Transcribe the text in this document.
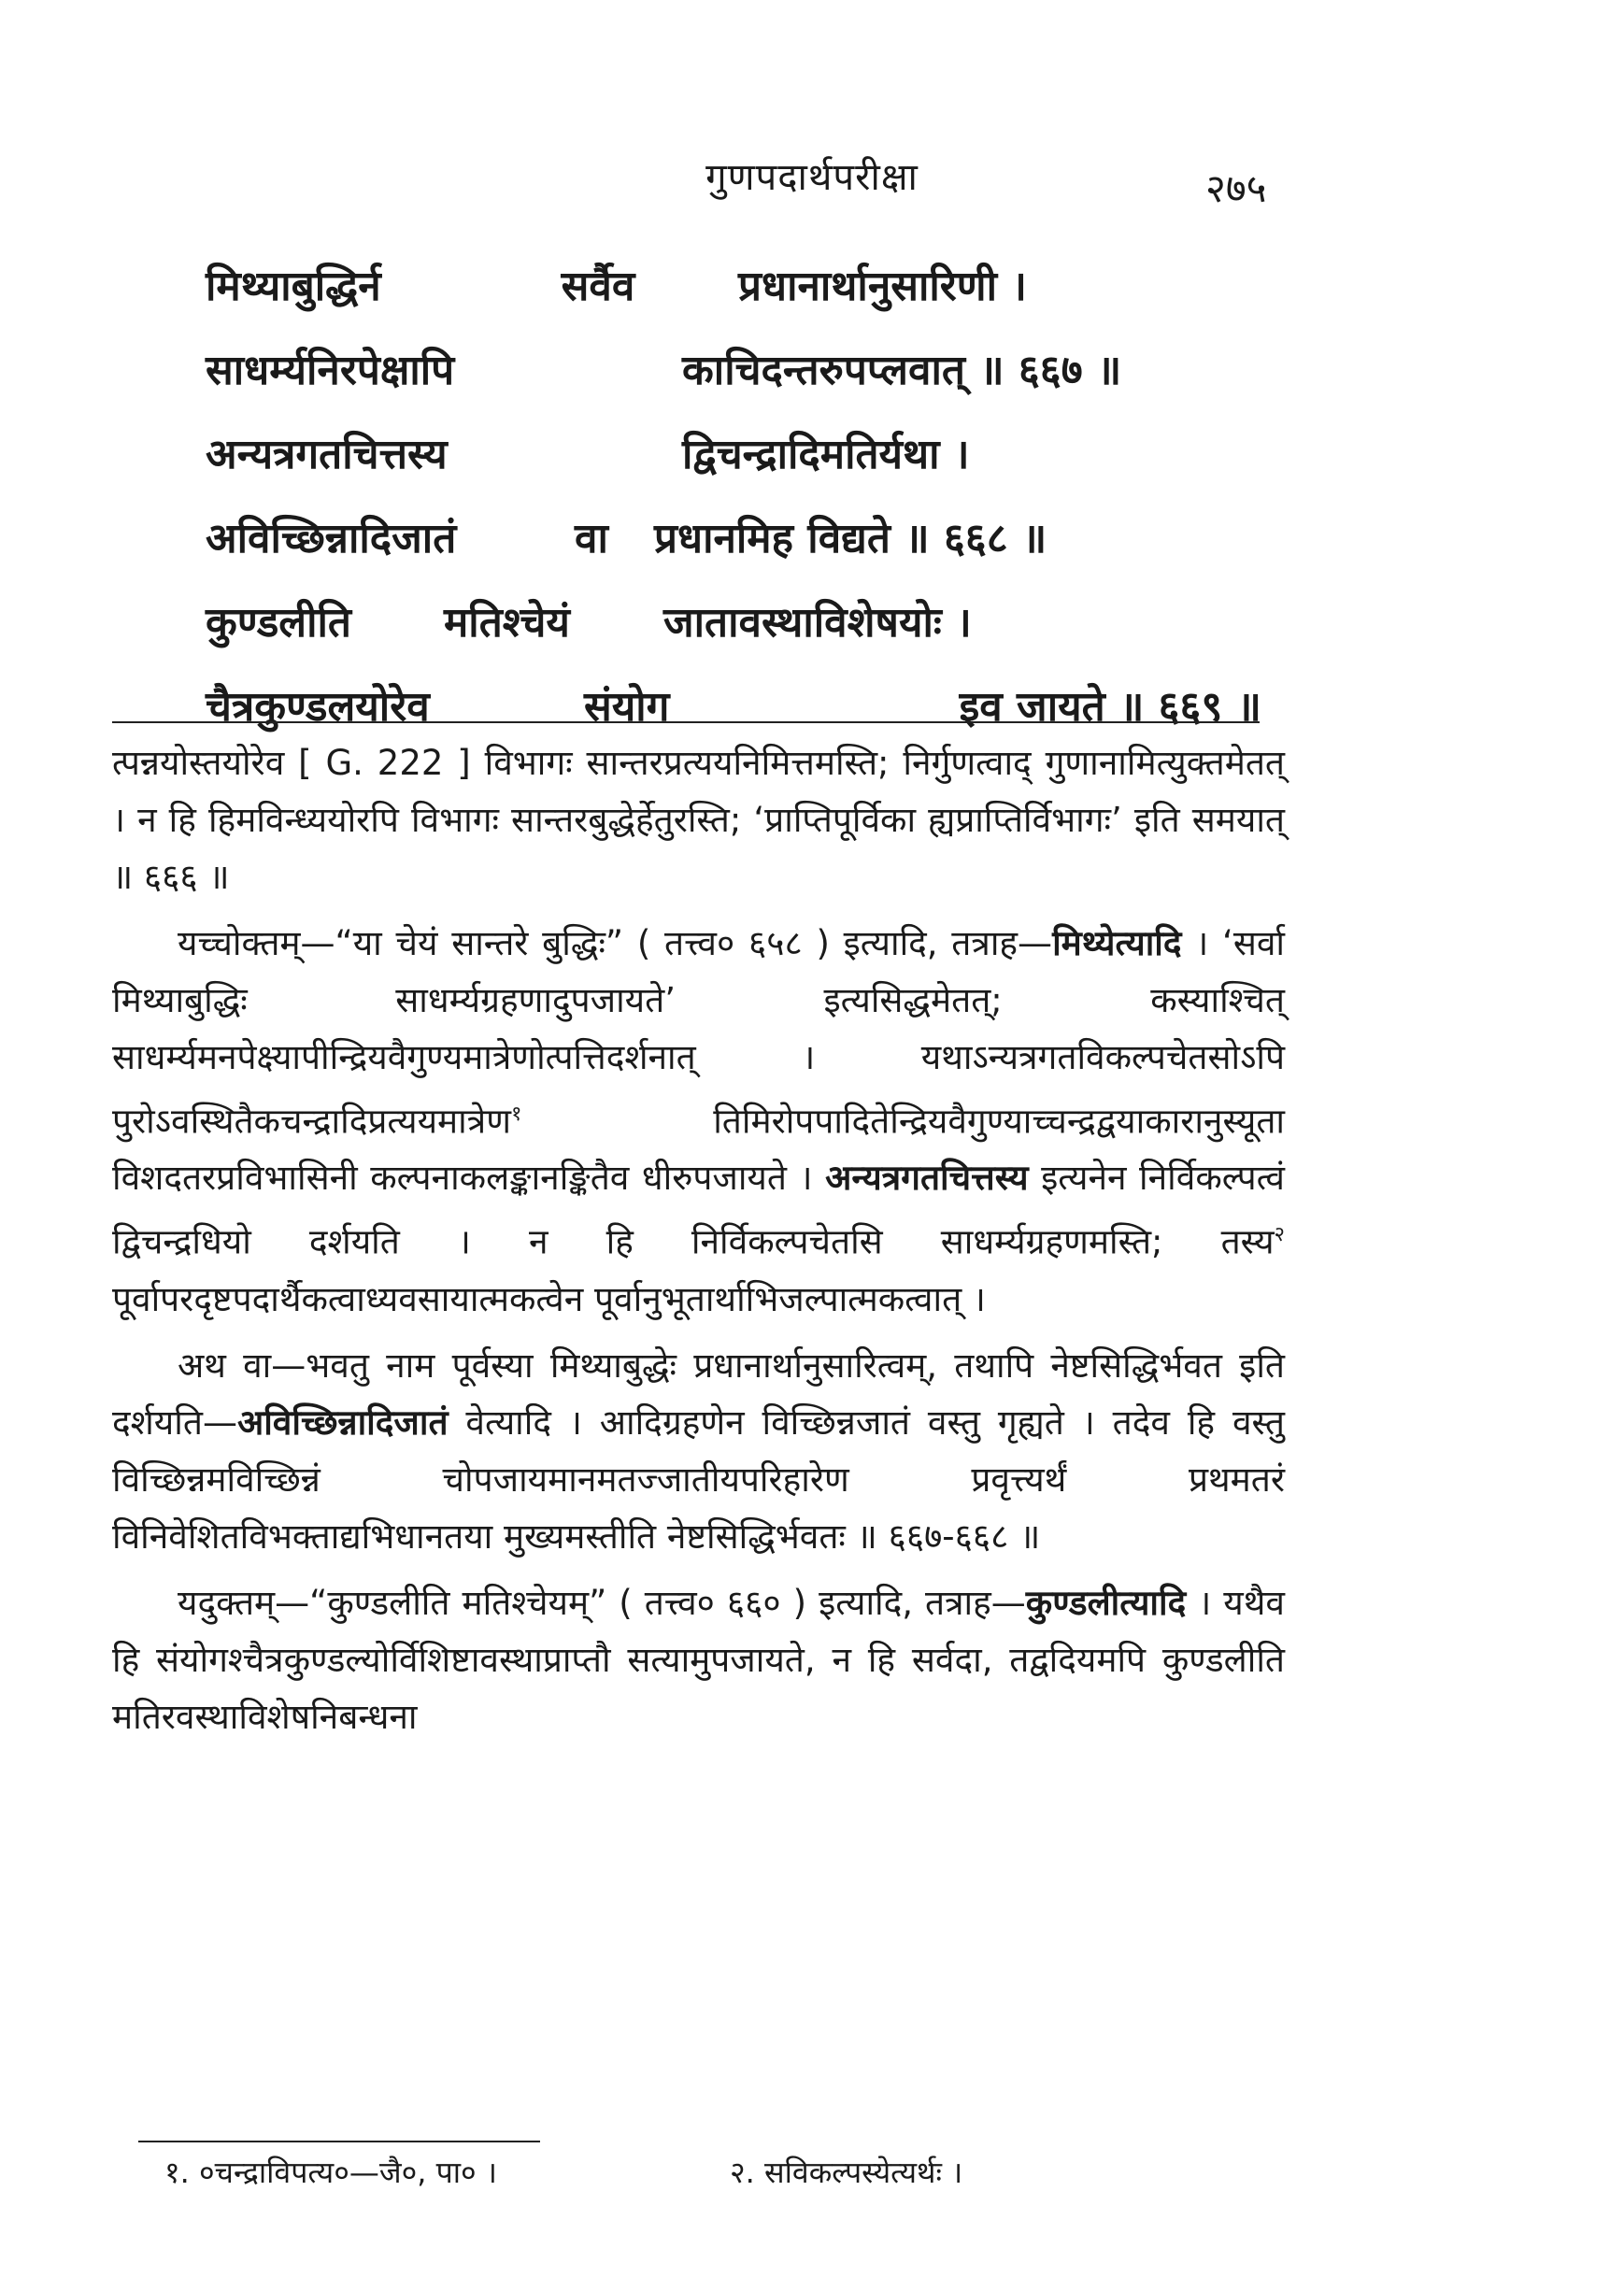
गुणपदार्थपरीक्षा	२७५
मिथ्याबुद्धिर्न	सर्वैव	प्रधानार्थानुसारिणी ।
साधर्म्यनिरपेक्षापि	काचिदन्तरुपप्लवात् ॥ ६६७ ॥
अन्यत्रगतचित्तस्य	द्विचन्द्रादिमतिर्यथा ।
अविच्छिन्नादिजातं	वा	प्रधानमिह विद्यते ॥ ६६८ ॥
कुण्डलीति	मतिश्चेयं	जातावस्थाविशेषयोः ।
चैत्रकुण्डलयोरेव	संयोग	इव जायते ॥ ६६९ ॥

त्पन्नयोस्तयोरेव [ G. 222 ] विभागः सान्तरप्रत्ययनिमित्तमस्ति; निर्गुणत्वाद् गुणानामित्युक्तमेतत् । न हि हिमविन्ध्ययोरपि विभागः सान्तरबुद्धेर्हेतुरस्ति; ‘प्राप्तिपूर्विका ह्यप्राप्तिर्विभागः’ इति समयात् ॥ ६६६ ॥

यच्चोक्तम्—“या चेयं सान्तरे बुद्धिः” ( तत्त्व० ६५८ ) इत्यादि, तत्राह—मिथ्येत्यादि । ‘सर्वा मिथ्याबुद्धिः साधर्म्यग्रहणादुपजायते’ इत्यसिद्धमेतत्; कस्याश्चित् साधर्म्यमनपेक्ष्यापीन्द्रियवैगुण्यमात्रेणोत्पत्तिदर्शनात् । यथाऽन्यत्रगतविकल्पचेतसोऽपि पुरोऽवस्थितैकचन्द्रादिप्रत्ययमात्रेण$^१$ तिमिरोपपादितेन्द्रियवैगुण्याच्चन्द्रद्वयाकारानुस्यूता विशदतरप्रविभासिनी कल्पनाकलङ्कानङ्कितैव धीरुपजायते । अन्यत्रगतचित्तस्य इत्यनेन निर्विकल्पत्वं द्विचन्द्रधियो दर्शयति । न हि निर्विकल्पचेतसि साधर्म्यग्रहणमस्ति; तस्य$^२$ पूर्वापरदृष्टपदार्थैकत्वाध्यवसायात्मकत्वेन पूर्वानुभूतार्थाभिजल्पात्मकत्वात् ।

अथ वा—भवतु नाम पूर्वस्या मिथ्याबुद्धेः प्रधानार्थानुसारित्वम्, तथापि नेष्टसिद्धिर्भवत इति दर्शयति—अविच्छिन्नादिजातं वेत्यादि । आदिग्रहणेन विच्छिन्नजातं वस्तु गृह्यते । तदेव हि वस्तु विच्छिन्नमविच्छिन्नं चोपजायमानमतज्जातीयपरिहारेण प्रवृत्त्यर्थं प्रथमतरं विनिवेशितविभक्ताद्यभिधानतया मुख्यमस्तीति नेष्टसिद्धिर्भवतः ॥ ६६७-६६८ ॥

यदुक्तम्—“कुण्डलीति मतिश्चेयम्” ( तत्त्व० ६६० ) इत्यादि, तत्राह—कुण्डलीत्यादि । यथैव हि संयोगश्चैत्रकुण्डल्योर्विशिष्टावस्थाप्राप्तौ सत्यामुपजायते, न हि सर्वदा, तद्वदियमपि कुण्डलीति मतिरवस्थाविशेषनिबन्धना

१. ०चन्द्राविपत्य०—जै०, पा० ।	२. सविकल्पस्येत्यर्थः ।
